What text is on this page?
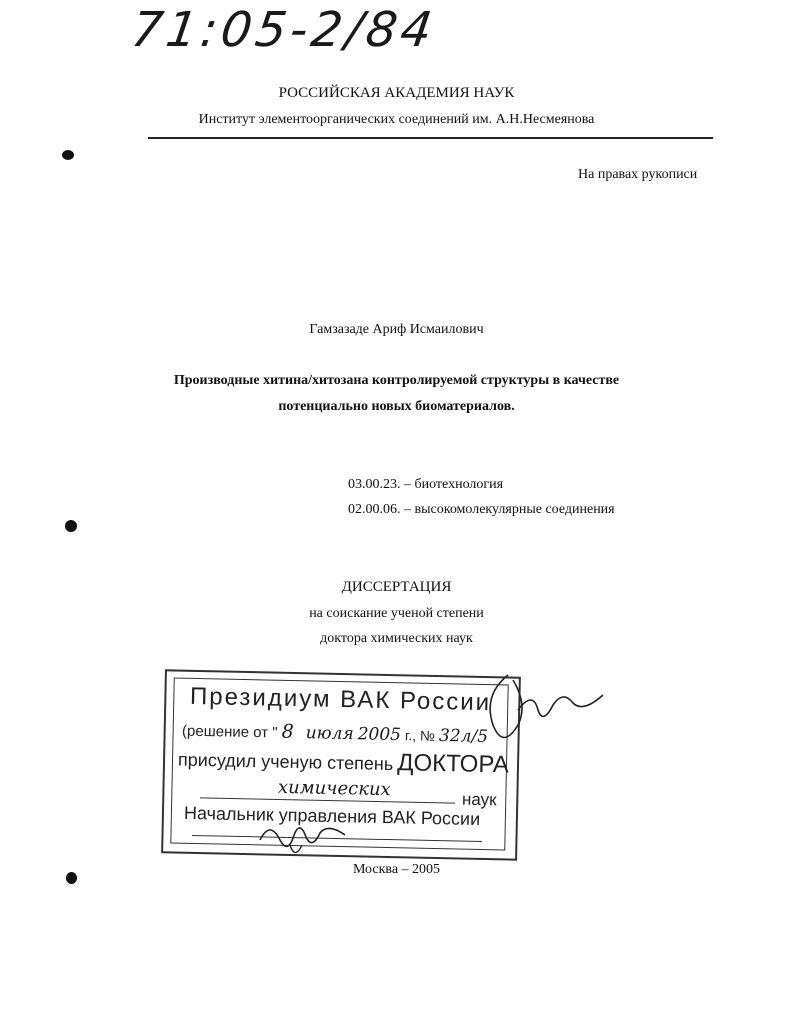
71:05-2/84
РОССИЙСКАЯ АКАДЕМИЯ НАУК
Институт элементоорганических соединений им. А.Н.Несмеянова
На правах рукописи
Гамзазаде Ариф Исмаилович
Производные хитина/хитозана контролируемой структуры в качестве
потенциально новых биоматериалов.
03.00.23. – биотехнология
02.00.06. – высокомолекулярные соединения
ДИССЕРТАЦИЯ
на соискание ученой степени
доктора химических наук
Президиум ВАК России
(решение от " 8 июля 2005 г., № 32л/5
присудил ученую степень ДОКТОРА
химических	наук
Начальник управления ВАК России
Москва – 2005
